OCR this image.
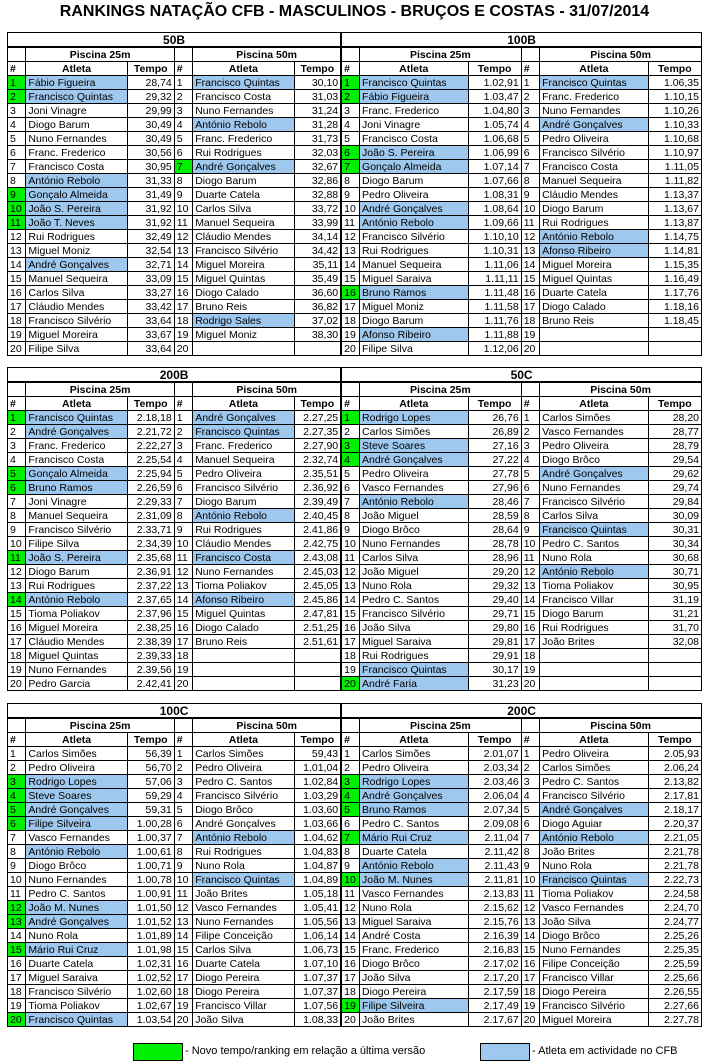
RANKINGS NATAÇÃO CFB - MASCULINOS - BRUÇOS E COSTAS - 31/07/2014
50B						100B					
	Piscina 25m			Piscina 50m			Piscina 25m			Piscina 50m	
#	Atleta	Tempo	#	Atleta	Tempo	#	Atleta	Tempo	#	Atleta	Tempo
1	Fábio Figueira	28,74	1	Francisco Quintas	30,10	1	Francisco Quintas	1.02,91	1	Francisco Quintas	1.06,35
2	Francisco Quintas	29,32	2	Francisco Costa	31,03	2	Fábio Figueira	1.03,47	2	Franc. Frederico	1.10,15
3	Joni Vinagre	29,99	3	Nuno Fernandes	31,24	3	Franc. Frederico	1.04,80	3	Nuno Fernandes	1.10,26
4	Diogo Barum	30,49	4	António Rebolo	31,28	4	Joni Vinagre	1.05,74	4	André Gonçalves	1.10,33
5	Nuno Fernandes	30,49	5	Franc. Frederico	31,73	5	Francisco Costa	1.06,68	5	Pedro Oliveira	1.10,68
6	Franc. Frederico	30,56	6	Rui Rodrigues	32,03	6	João S. Pereira	1.06,99	6	Francisco Silvério	1.10,97
7	Francisco Costa	30,95	7	André Gonçalves	32,67	7	Gonçalo Almeida	1.07,14	7	Francisco Costa	1.11,05
8	António Rebolo	31,33	8	Diogo Barum	32,86	8	Diogo Barum	1.07,66	8	Manuel Sequeira	1.11,82
9	Gonçalo Almeida	31,49	9	Duarte Catela	32,88	9	Pedro Oliveira	1.08,31	9	Cláudio Mendes	1.13,37
10	João S. Pereira	31,92	10	Carlos Silva	33,72	10	André Gonçalves	1.08,64	10	Diogo Barum	1.13,67
11	João T. Neves	31,92	11	Manuel Sequeira	33,99	11	António Rebolo	1.09,66	11	Rui Rodrigues	1.13,87
12	Rui Rodrigues	32,49	12	Cláudio Mendes	34,14	12	Francisco Silvério	1.10,10	12	António Rebolo	1.14,75
13	Miguel Moniz	32,54	13	Francisco Silvério	34,42	13	Rui Rodrigues	1.10,31	13	Afonso Ribeiro	1.14,81
14	André Gonçalves	32,71	14	Miguel Moreira	35,11	14	Manuel Sequeira	1.11,06	14	Miguel Moreira	1.15,35
15	Manuel Sequeira	33,09	15	Miguel Quintas	35,49	15	Miguel Saraiva	1.11,11	15	Miguel Quintas	1.16,49
16	Carlos Silva	33,27	16	Diogo Calado	36,60	16	Bruno Ramos	1.11,48	16	Duarte Catela	1.17,76
17	Cláudio Mendes	33,42	17	Bruno Reis	36,82	17	Miguel Moniz	1.11,58	17	Diogo Calado	1.18,16
18	Francisco Silvério	33,64	18	Rodrigo Sales	37,02	18	Diogo Barum	1.11,76	18	Bruno Reis	1.18,45
19	Miguel Moreira	33,67	19	Miguel Moniz	38,30	19	Afonso Ribeiro	1.11,88	19		
20	Filipe Silva	33,64	20			20	Filipe Silva	1.12,06	20		
200B						50C					
	Piscina 25m			Piscina 50m			Piscina 25m			Piscina 50m	
#	Atleta	Tempo	#	Atleta	Tempo	#	Atleta	Tempo	#	Atleta	Tempo
1	Francisco Quintas	2.18,18	1	André Gonçalves	2.27,25	1	Rodrigo Lopes	26,76	1	Carlos Simões	28,20
2	André Gonçalves	2.21,72	2	Francisco Quintas	2.27,35	2	Carlos Simões	26,89	2	Vasco Fernandes	28,77
3	Franc. Frederico	2.22,27	3	Franc. Frederico	2.27,90	3	Steve Soares	27,16	3	Pedro Oliveira	28,79
4	Francisco Costa	2.25,54	4	Manuel Sequeira	2.32,74	4	André Gonçalves	27,22	4	Diogo Brôco	29,54
5	Gonçalo Almeida	2.25,94	5	Pedro Oliveira	2.35,51	5	Pedro Oliveira	27,78	5	André Gonçalves	29,62
6	Bruno Ramos	2.26,59	6	Francisco Silvério	2.36,92	6	Vasco Fernandes	27,96	6	Nuno Fernandes	29,74
7	Joni Vinagre	2.29,33	7	Diogo Barum	2.39,49	7	António Rebolo	28,46	7	Francisco Silvério	29,84
8	Manuel Sequeira	2.31,09	8	António Rebolo	2.40,45	8	João Miguel	28,59	8	Carlos Silva	30,09
9	Francisco Silvério	2.33,71	9	Rui Rodrigues	2.41,86	9	Diogo Brôco	28,64	9	Francisco Quintas	30,31
10	Filipe Silva	2.34,39	10	Cláudio Mendes	2.42,75	10	Nuno Fernandes	28,78	10	Pedro C. Santos	30,34
11	João S. Pereira	2.35,68	11	Francisco Costa	2.43,08	11	Carlos Silva	28,96	11	Nuno Rola	30,68
12	Diogo Barum	2.36,91	12	Nuno Fernandes	2.45,03	12	João Miguel	29,20	12	António Rebolo	30,71
13	Rui Rodrigues	2.37,22	13	Tioma Poliakov	2.45,05	13	Nuno Rola	29,32	13	Tioma Poliakov	30,95
14	António Rebolo	2.37,65	14	Afonso Ribeiro	2.45,86	14	Pedro C. Santos	29,40	14	Francisco Villar	31,19
15	Tioma Poliakov	2.37,96	15	Miguel Quintas	2.47,81	15	Francisco Silvério	29,71	15	Diogo Barum	31,21
16	Miguel Moreira	2.38,25	16	Diogo Calado	2.51,25	16	João Silva	29,80	16	Rui Rodrigues	31,70
17	Cláudio Mendes	2.38,39	17	Bruno Reis	2.51,61	17	Miguel Saraiva	29,81	17	João Brites	32,08
18	Miguel Quintas	2.39,33	18			18	Rui Rodrigues	29,91	18		
19	Nuno Fernandes	2.39,56	19			19	Francisco Quintas	30,17	19		
20	Pedro Garcia	2.42,41	20			20	André Faria	31,23	20		
100C						200C					
	Piscina 25m			Piscina 50m			Piscina 25m			Piscina 50m	
#	Atleta	Tempo	#	Atleta	Tempo	#	Atleta	Tempo	#	Atleta	Tempo
1	Carlos Simões	56,39	1	Carlos Simões	59,43	1	Carlos Simões	2.01,07	1	Pedro Oliveira	2.05,93
2	Pedro Oliveira	56,70	2	Pedro Oliveira	1.01,04	2	Pedro Oliveira	2.03,34	2	Carlos Simões	2.06,24
3	Rodrigo Lopes	57,06	3	Pedro C. Santos	1.02,84	3	Rodrigo Lopes	2.03,46	3	Pedro C. Santos	2.13,82
4	Steve Soares	59,29	4	Francisco Silvério	1.03,29	4	André Gonçalves	2.06,04	4	Francisco Silvério	2.17,81
5	André Gonçalves	59,31	5	Diogo Brôco	1.03,60	5	Bruno Ramos	2.07,34	5	André Gonçalves	2.18,17
6	Filipe Silveira	1.00,28	6	André Gonçalves	1.03,66	6	Pedro C. Santos	2.09,08	6	Diogo Aguiar	2.20,37
7	Vasco Fernandes	1.00,37	7	António Rebolo	1.04,62	7	Mário Rui Cruz	2.11,04	7	António Rebolo	2.21,05
8	António Rebolo	1.00,61	8	Rui Rodrigues	1.04,83	8	Duarte Catela	2.11,42	8	João Brites	2.21,78
9	Diogo Brôco	1.00,71	9	Nuno Rola	1.04,87	9	António Rebolo	2.11,43	9	Nuno Rola	2.21,78
10	Nuno Fernandes	1.00,78	10	Francisco Quintas	1.04,89	10	João M. Nunes	2.11,81	10	Francisco Quintas	2.22,73
11	Pedro C. Santos	1.00,91	11	João Brites	1.05,18	11	Vasco Fernandes	2.13,83	11	Tioma Poliakov	2.24,58
12	João M. Nunes	1.01,50	12	Vasco Fernandes	1.05,41	12	Nuno Rola	2.15,62	12	Vasco Fernandes	2.24,70
13	André Gonçalves	1.01,52	13	Nuno Fernandes	1.05,56	13	Miguel Saraiva	2.15,76	13	João Silva	2.24,77
14	Nuno Rola	1.01,89	14	Filipe Conceição	1.06,14	14	André Costa	2.16,39	14	Diogo Brôco	2.25,26
15	Mário Rui Cruz	1.01,98	15	Carlos Silva	1.06,73	15	Franc. Frederico	2.16,83	15	Nuno Fernandes	2.25,35
16	Duarte Catela	1.02,31	16	Duarte Catela	1.07,10	16	Diogo Brôco	2.17,02	16	Filipe Conceição	2.25,59
17	Miguel Saraiva	1.02,52	17	Diogo Pereira	1.07,37	17	João Silva	2.17,20	17	Francisco Villar	2.25,66
18	Francisco Silvério	1.02,60	18	Diogo Pereira	1.07,37	18	Diogo Pereira	2.17,59	18	Diogo Pereira	2.26,55
19	Tioma Poliakov	1.02,67	19	Francisco Villar	1.07,56	19	Filipe Silveira	2.17,49	19	Francisco Silvério	2.27,66
20	Francisco Quintas	1.03,54	20	João Silva	1.08,33	20	João Brites	2.17,67	20	Miguel Moreira	2.27,78
- Novo tempo/ranking em relação a última versão	- Atleta em actividade no CFB
